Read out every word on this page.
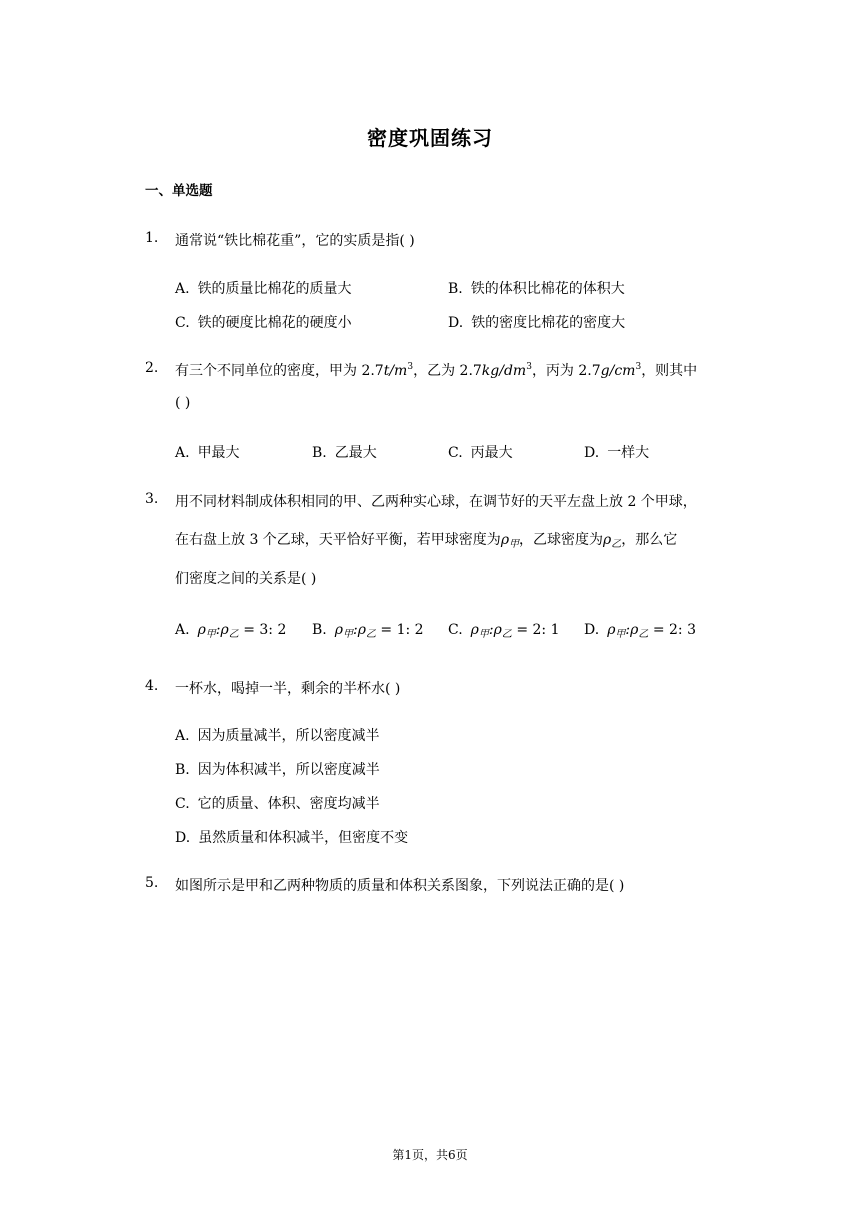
密度巩固练习
一、单选题
1. 通常说“铁比棉花重”，它的实质是指( )
A. 铁的质量比棉花的质量大	B. 铁的体积比棉花的体积大
C. 铁的硬度比棉花的硬度小	D. 铁的密度比棉花的密度大
2. 有三个不同单位的密度，甲为 $2.7t/m^3$，乙为 $2.7kg/dm^3$，丙为 $2.7g/cm^3$，则其中
( )
A. 甲最大	B. 乙最大	C. 丙最大	D. 一样大
3. 用不同材料制成体积相同的甲、乙两种实心球，在调节好的天平左盘上放 2 个甲球，
在右盘上放 3 个乙球，天平恰好平衡，若甲球密度为$\rho_甲$，乙球密度为$\rho_乙$，那么它
们密度之间的关系是( )
A. $\rho_甲:\rho_乙 = 3$: 2 B. $\rho_甲:\rho_乙 = 1$: 2 C. $\rho_甲:\rho_乙 = 2$: 1 D. $\rho_甲:\rho_乙 = 2$: 3
4. 一杯水，喝掉一半，剩余的半杯水( )
A. 因为质量减半，所以密度减半
B. 因为体积减半，所以密度减半
C. 它的质量、体积、密度均减半
D. 虽然质量和体积减半，但密度不变
5. 如图所示是甲和乙两种物质的质量和体积关系图象，下列说法正确的是( )
第1页，共6页
